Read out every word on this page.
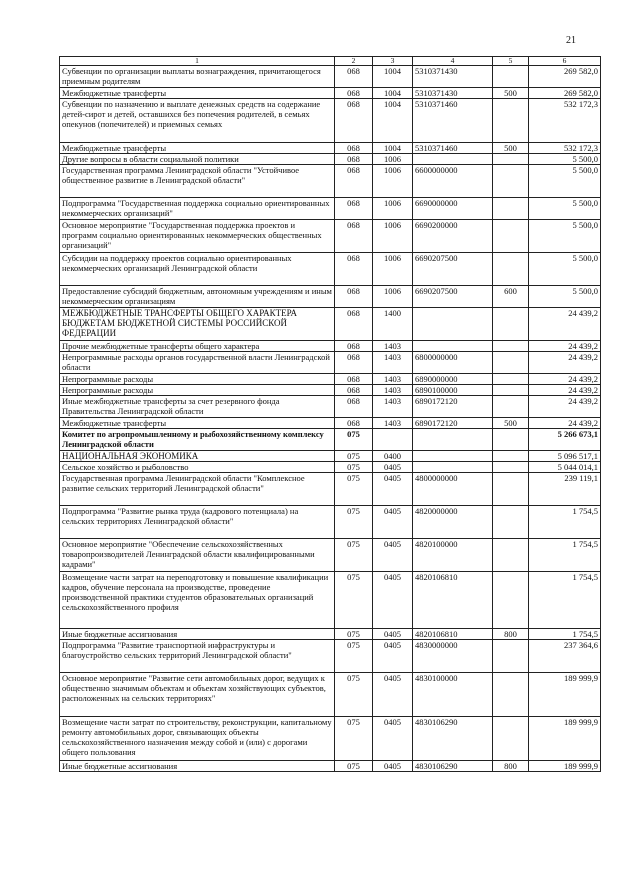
21
1	2	3	4	5	6
Субвенции по организации выплаты вознаграждения, причитающегося приемным родителям	068	1004	5310371430		269 582,0
Межбюджетные трансферты	068	1004	5310371430	500	269 582,0
Субвенции по назначению и выплате денежных средств на содержание детей-сирот и детей, оставшихся без попечения родителей, в семьях опекунов (попечителей) и приемных семьях	068	1004	5310371460		532 172,3
Межбюджетные трансферты	068	1004	5310371460	500	532 172,3
Другие вопросы в области социальной политики	068	1006			5 500,0
Государственная программа Ленинградской области "Устойчивое общественное развитие в Ленинградской области"	068	1006	6600000000		5 500,0
Подпрограмма "Государственная поддержка социально ориентированных некоммерческих организаций"	068	1006	6690000000		5 500,0
Основное мероприятие "Государственная поддержка проектов и программ социально ориентированных некоммерческих общественных организаций"	068	1006	6690200000		5 500,0
Субсидии на поддержку проектов социально ориентированных некоммерческих организаций Ленинградской области	068	1006	6690207500		5 500,0
Предоставление субсидий бюджетным, автономным учреждениям и иным некоммерческим организациям	068	1006	6690207500	600	5 500,0
МЕЖБЮДЖЕТНЫЕ ТРАНСФЕРТЫ ОБЩЕГО ХАРАКТЕРА БЮДЖЕТАМ БЮДЖЕТНОЙ СИСТЕМЫ РОССИЙСКОЙ ФЕДЕРАЦИИ	068	1400			24 439,2
Прочие межбюджетные трансферты общего характера	068	1403			24 439,2
Непрограммные расходы органов государственной власти Ленинградской области	068	1403	6800000000		24 439,2
Непрограммные расходы	068	1403	6890000000		24 439,2
Непрограммные расходы	068	1403	6890100000		24 439,2
Иные межбюджетные трансферты за счет резервного фонда Правительства Ленинградской области	068	1403	6890172120		24 439,2
Межбюджетные трансферты	068	1403	6890172120	500	24 439,2
Комитет по агропромышленному и рыбохозяйственному комплексу Ленинградской области	075				5 266 673,1
НАЦИОНАЛЬНАЯ ЭКОНОМИКА	075	0400			5 096 517,1
Сельское хозяйство и рыболовство	075	0405			5 044 014,1
Государственная программа Ленинградской области "Комплексное развитие сельских территорий Ленинградской области"	075	0405	4800000000		239 119,1
Подпрограмма "Развитие рынка труда (кадрового потенциала) на сельских территориях Ленинградской области"	075	0405	4820000000		1 754,5
Основное мероприятие "Обеспечение сельскохозяйственных товаропроизводителей Ленинградской области квалифицированными кадрами"	075	0405	4820100000		1 754,5
Возмещение части затрат на переподготовку и повышение квалификации кадров, обучение персонала на производстве, проведение производственной практики студентов образовательных организаций сельскохозяйственного профиля	075	0405	4820106810		1 754,5
Иные бюджетные ассигнования	075	0405	4820106810	800	1 754,5
Подпрограмма "Развитие транспортной инфраструктуры и благоустройство сельских территорий Ленинградской области"	075	0405	4830000000		237 364,6
Основное мероприятие "Развитие сети автомобильных дорог, ведущих к общественно значимым объектам и объектам хозяйствующих субъектов, расположенных на сельских территориях"	075	0405	4830100000		189 999,9
Возмещение части затрат по строительству, реконструкции, капитальному ремонту автомобильных дорог, связывающих объекты сельскохозяйственного назначения между собой и (или) с дорогами общего пользования	075	0405	4830106290		189 999,9
Иные бюджетные ассигнования	075	0405	4830106290	800	189 999,9
